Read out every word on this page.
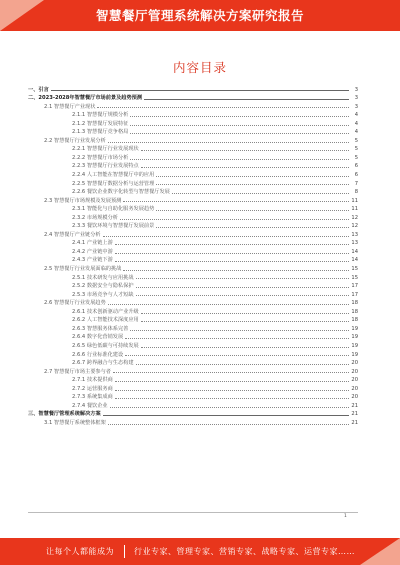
智慧餐厅管理系统解决方案研究报告
内容目录
一、引言	3
二、2023-2028年智慧餐厅市场前景及趋势预测	3
2.1 智慧餐厅产业现状	3
2.1.1 智慧餐厅规模分析	4
2.1.2 智慧餐厅发展特征	4
2.1.3 智慧餐厅竞争格局	4
2.2 智慧餐厅行业发展分析	5
2.2.1 智慧餐厅行业发展现状	5
2.2.2 智慧餐厅市场分析	5
2.2.3 智慧餐厅行业发展特点	6
2.2.4 人工智能在智慧餐厅中的应用	6
2.2.5 智慧餐厅数据分析与运营管理	7
2.2.6 餐饮企业数字化转型与智慧餐厅发展	8
2.3 智慧餐厅市场规模及发展预测	11
2.3.1 智能化与自助化服务发展趋势	11
2.3.2 市场规模分析	12
2.3.3 餐饮环境与智慧餐厅发展前景	12
2.4 智慧餐厅产业链分析	13
2.4.1 产业链上游	13
2.4.2 产业链中游	14
2.4.3 产业链下游	14
2.5 智慧餐厅行业发展面临的挑战	15
2.5.1 技术研发与应用挑战	15
2.5.2 数据安全与隐私保护	17
2.5.3 市场竞争与人才短缺	17
2.6 智慧餐厅行业发展趋势	18
2.6.1 技术创新驱动产业升级	18
2.6.2 人工智能技术深度应用	18
2.6.3 智慧服务体系完善	19
2.6.4 数字化营销发展	19
2.6.5 绿色低碳与可持续发展	19
2.6.6 行业标准化建设	19
2.6.7 跨界融合与生态构建	20
2.7 智慧餐厅市场主要参与者	20
2.7.1 技术提供商	20
2.7.2 运营服务商	20
2.7.3 系统集成商	20
2.7.4 餐饮企业	21
三、智慧餐厅管理系统解决方案	21
3.1 智慧餐厅系统整体框架	21
1
让每个人都能成为	行业专家、管理专家、营销专家、战略专家、运营专家……
